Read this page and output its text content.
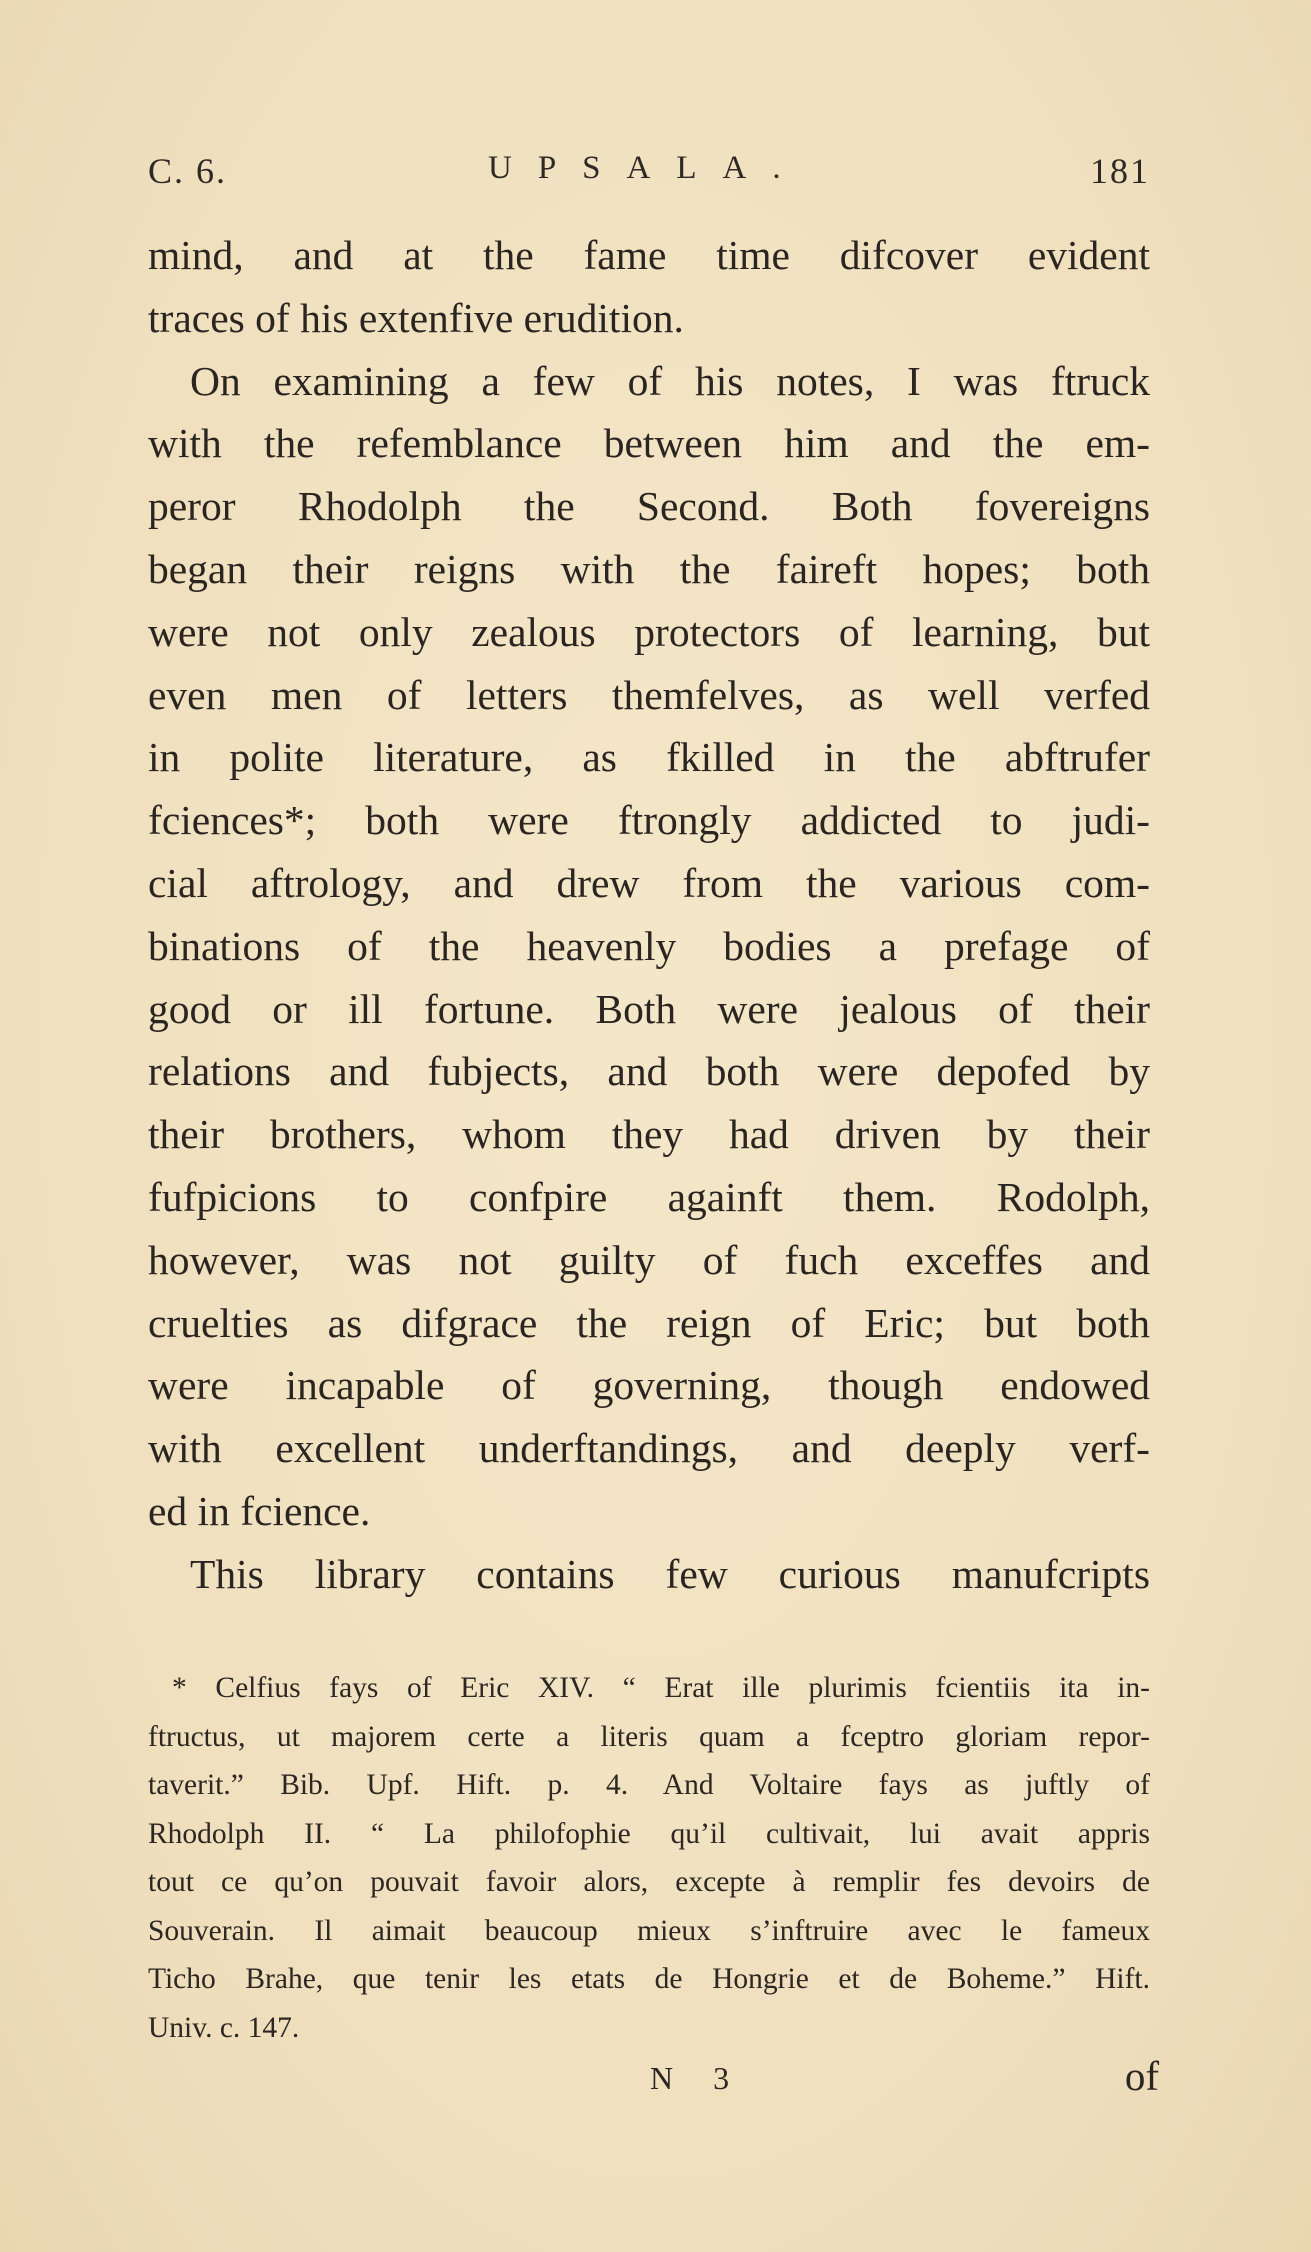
C. 6.	UPSALA.	181
mind, and at the fame time difcover evident
traces of his extenfive erudition.
On examining a few of his notes, I was ftruck
with the refemblance between him and the em-
peror Rhodolph the Second. Both fovereigns
began their reigns with the faireft hopes; both
were not only zealous protectors of learning, but
even men of letters themfelves, as well verfed
in polite literature, as fkilled in the abftrufer
fciences*; both were ftrongly addicted to judi-
cial aftrology, and drew from the various com-
binations of the heavenly bodies a prefage of
good or ill fortune. Both were jealous of their
relations and fubjects, and both were depofed by
their brothers, whom they had driven by their
fufpicions to confpire againft them. Rodolph,
however, was not guilty of fuch exceffes and
cruelties as difgrace the reign of Eric; but both
were incapable of governing, though endowed
with excellent underftandings, and deeply verf-
ed in fcience.
This library contains few curious manufcripts
* Celfius fays of Eric XIV. “ Erat ille plurimis fcientiis ita in-
ftructus, ut majorem certe a literis quam a fceptro gloriam repor-
taverit.” Bib. Upf. Hift. p. 4. And Voltaire fays as juftly of
Rhodolph II. “ La philofophie qu’il cultivait, lui avait appris
tout ce qu’on pouvait favoir alors, excepte à remplir fes devoirs de
Souverain. Il aimait beaucoup mieux s’inftruire avec le fameux
Ticho Brahe, que tenir les etats de Hongrie et de Boheme.” Hift.
Univ. c. 147.
N 3	of
